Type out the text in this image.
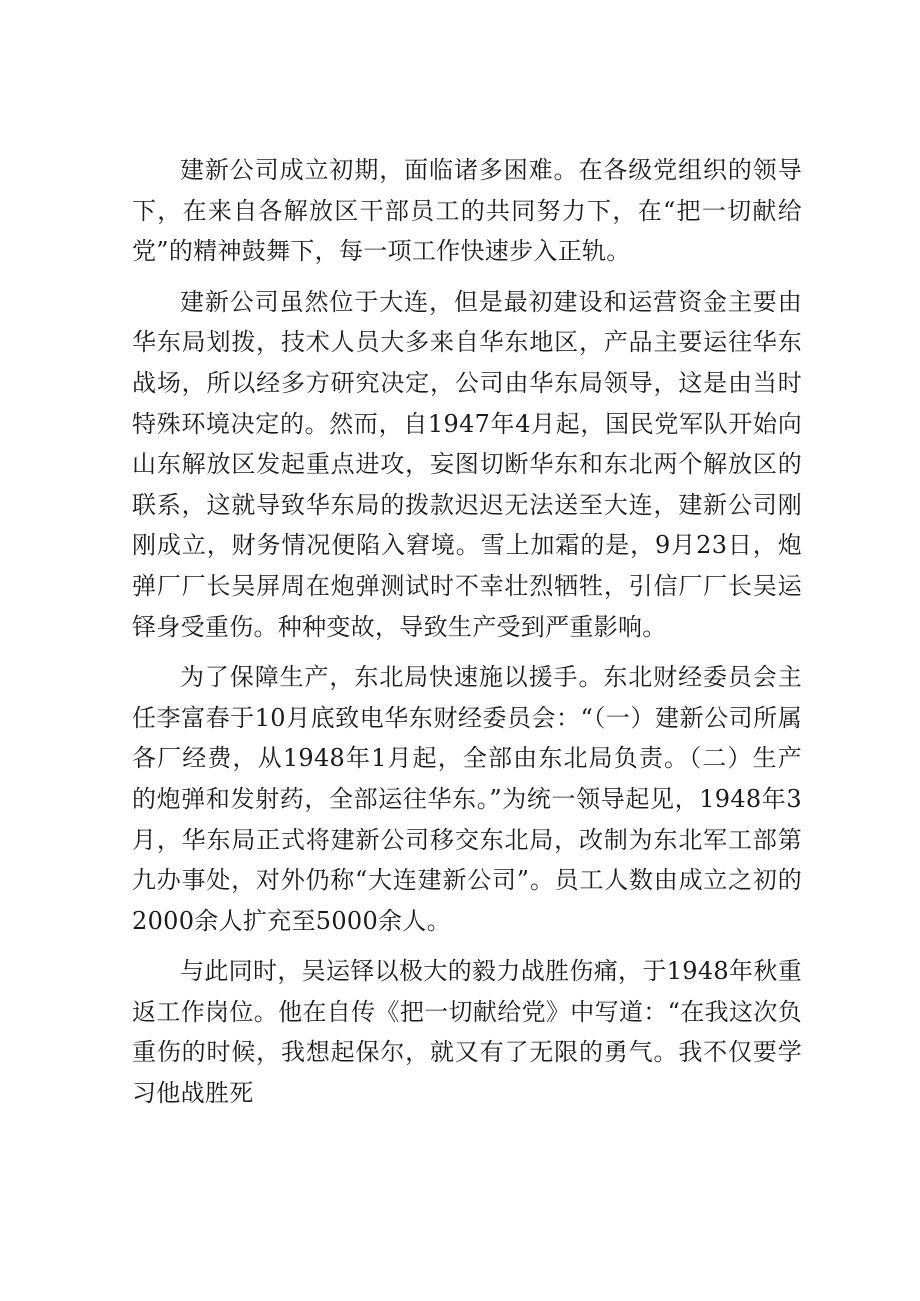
建新公司成立初期，面临诸多困难。在各级党组织的领导下，在来自各解放区干部员工的共同努力下，在“把一切献给党”的精神鼓舞下，每一项工作快速步入正轨。

建新公司虽然位于大连，但是最初建设和运营资金主要由华东局划拨，技术人员大多来自华东地区，产品主要运往华东战场，所以经多方研究决定，公司由华东局领导，这是由当时特殊环境决定的。然而，自1947年4月起，国民党军队开始向山东解放区发起重点进攻，妄图切断华东和东北两个解放区的联系，这就导致华东局的拨款迟迟无法送至大连，建新公司刚刚成立，财务情况便陷入窘境。雪上加霜的是，9月23日，炮弹厂厂长吴屏周在炮弹测试时不幸壮烈牺牲，引信厂厂长吴运铎身受重伤。种种变故，导致生产受到严重影响。

为了保障生产，东北局快速施以援手。东北财经委员会主任李富春于10月底致电华东财经委员会：“（一）建新公司所属各厂经费，从1948年1月起，全部由东北局负责。（二）生产的炮弹和发射药，全部运往华东。”为统一领导起见，1948年3月，华东局正式将建新公司移交东北局，改制为东北军工部第九办事处，对外仍称“大连建新公司”。员工人数由成立之初的2000余人扩充至5000余人。

与此同时，吴运铎以极大的毅力战胜伤痛，于1948年秋重返工作岗位。他在自传《把一切献给党》中写道：“在我这次负重伤的时候，我想起保尔，就又有了无限的勇气。我不仅要学习他战胜死
